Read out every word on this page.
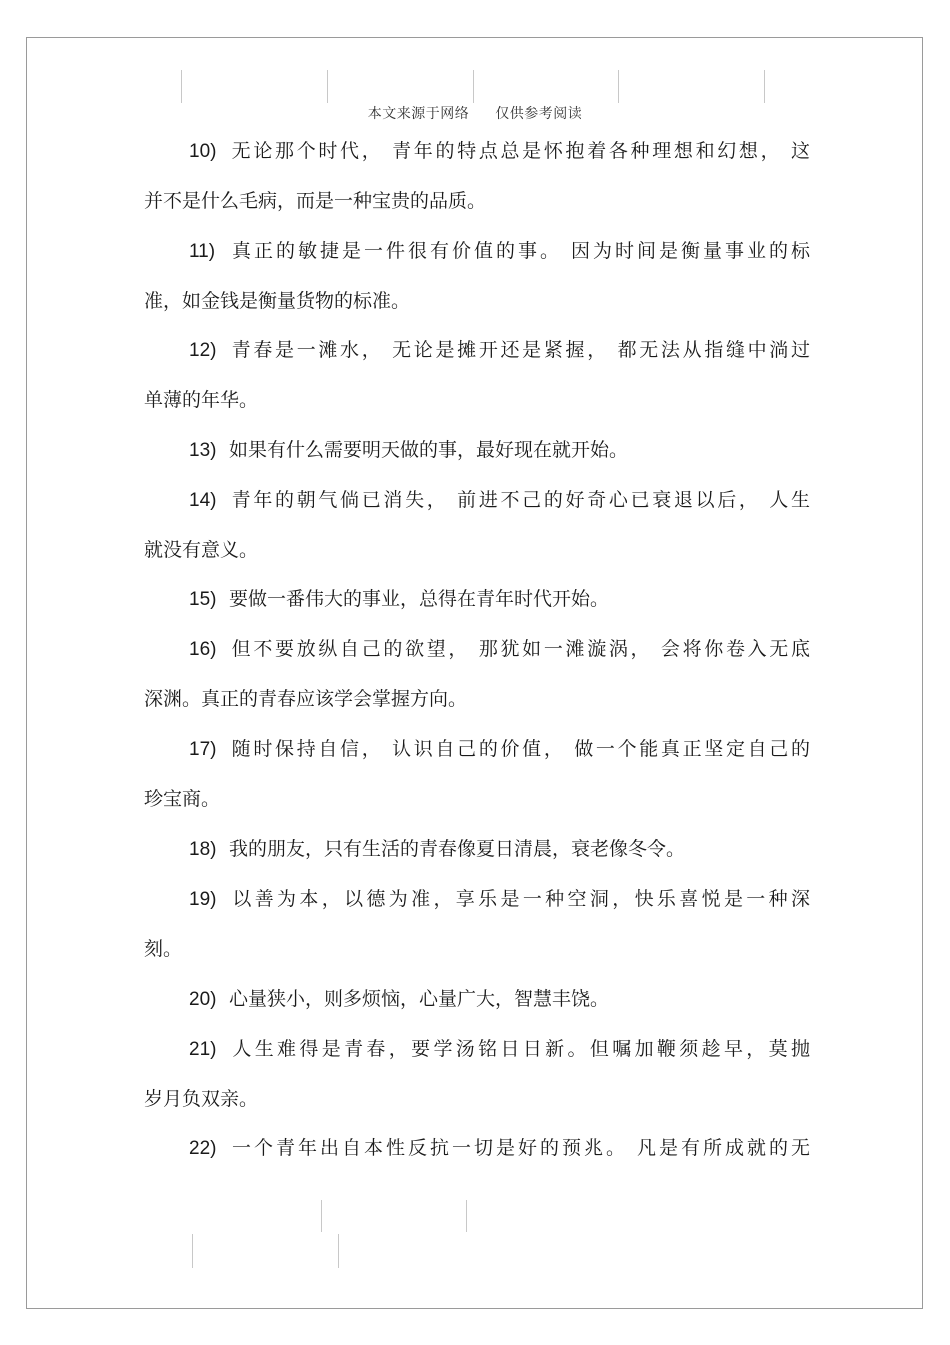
本文来源于网络 仅供参考阅读
10) 无论那个时代， 青年的特点总是怀抱着各种理想和幻想， 这
并不是什么毛病，而是一种宝贵的品质。
11) 真正的敏捷是一件很有价值的事。 因为时间是衡量事业的标
准，如金钱是衡量货物的标准。
12) 青春是一滩水， 无论是摊开还是紧握， 都无法从指缝中淌过
单薄的年华。
13) 如果有什么需要明天做的事，最好现在就开始。
14) 青年的朝气倘已消失， 前进不己的好奇心已衰退以后， 人生
就没有意义。
15) 要做一番伟大的事业，总得在青年时代开始。
16) 但不要放纵自己的欲望， 那犹如一滩漩涡， 会将你卷入无底
深渊。真正的青春应该学会掌握方向。
17) 随时保持自信， 认识自己的价值， 做一个能真正坚定自己的
珍宝商。
18) 我的朋友，只有生活的青春像夏日清晨，衰老像冬令。
19) 以善为本，以德为准，享乐是一种空洞，快乐喜悦是一种深
刻。
20) 心量狭小，则多烦恼，心量广大，智慧丰饶。
21) 人生难得是青春，要学汤铭日日新。但嘱加鞭须趁早，莫抛
岁月负双亲。
22) 一个青年出自本性反抗一切是好的预兆。 凡是有所成就的无
